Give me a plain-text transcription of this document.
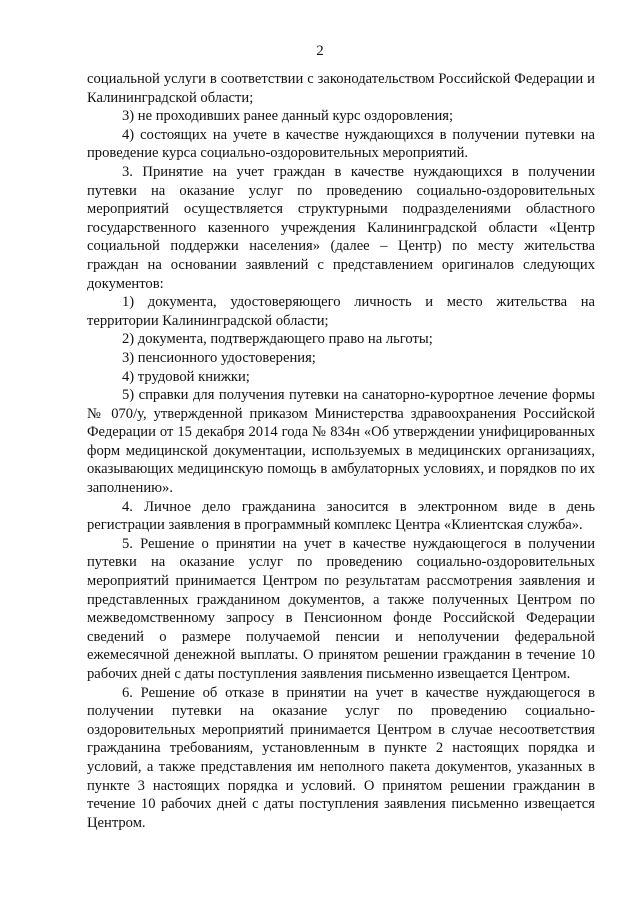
2

социальной услуги в соответствии с законодательством Российской Федерации и Калининградской области;

3) не проходивших ранее данный курс оздоровления;

4) состоящих на учете в качестве нуждающихся в получении путевки на проведение курса социально-оздоровительных мероприятий.

3. Принятие на учет граждан в качестве нуждающихся в получении путевки на оказание услуг по проведению социально-оздоровительных мероприятий осуществляется структурными подразделениями областного государственного казенного учреждения Калининградской области «Центр социальной поддержки населения» (далее – Центр) по месту жительства граждан на основании заявлений с представлением оригиналов следующих документов:

1) документа, удостоверяющего личность и место жительства на территории Калининградской области;

2) документа, подтверждающего право на льготы;

3) пенсионного удостоверения;

4) трудовой книжки;

5) справки для получения путевки на санаторно-курортное лечение формы № 070/у, утвержденной приказом Министерства здравоохранения Российской Федерации от 15 декабря 2014 года № 834н «Об утверждении унифицированных форм медицинской документации, используемых в медицинских организациях, оказывающих медицинскую помощь в амбулаторных условиях, и порядков по их заполнению».

4. Личное дело гражданина заносится в электронном виде в день регистрации заявления в программный комплекс Центра «Клиентская служба».

5. Решение о принятии на учет в качестве нуждающегося в получении путевки на оказание услуг по проведению социально-оздоровительных мероприятий принимается Центром по результатам рассмотрения заявления и представленных гражданином документов, а также полученных Центром по межведомственному запросу в Пенсионном фонде Российской Федерации сведений о размере получаемой пенсии и неполучении федеральной ежемесячной денежной выплаты. О принятом решении гражданин в течение 10 рабочих дней с даты поступления заявления письменно извещается Центром.

6. Решение об отказе в принятии на учет в качестве нуждающегося в получении путевки на оказание услуг по проведению социально-оздоровительных мероприятий принимается Центром в случае несоответствия гражданина требованиям, установленным в пункте 2 настоящих порядка и условий, а также представления им неполного пакета документов, указанных в пункте 3 настоящих порядка и условий. О принятом решении гражданин в течение 10 рабочих дней с даты поступления заявления письменно извещается Центром.
